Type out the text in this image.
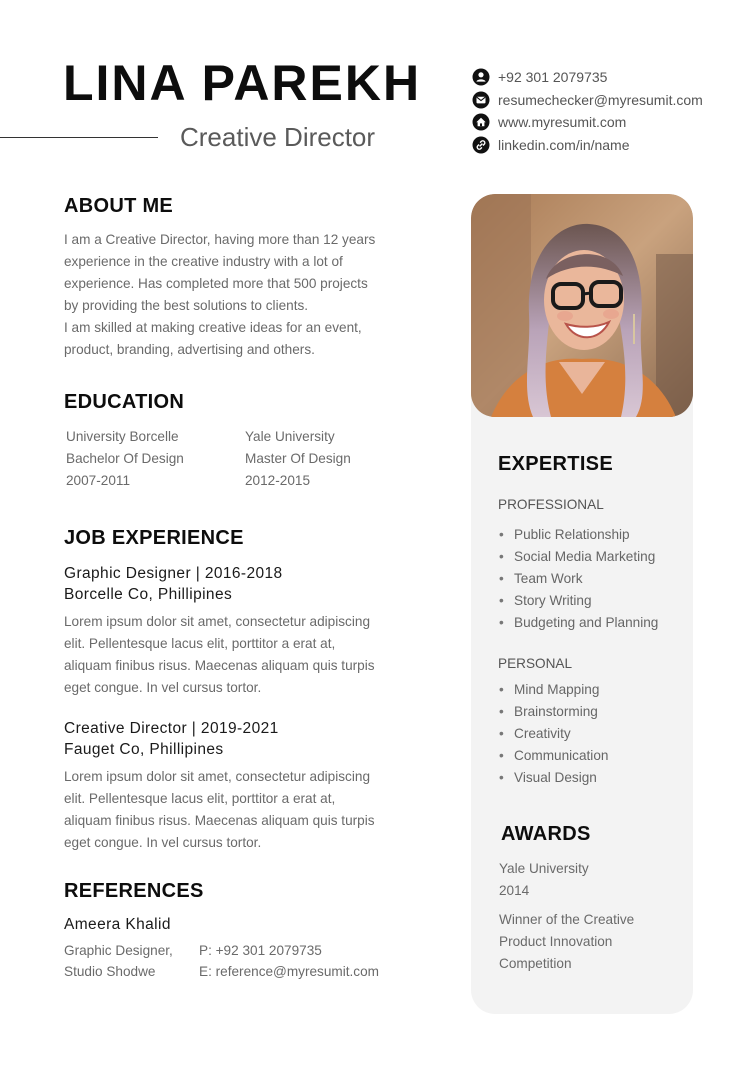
LINA PAREKH
Creative Director
+92 301 2079735
resumechecker@myresumit.com
www.myresumit.com
linkedin.com/in/name
ABOUT ME
I am a Creative Director, having more than 12 years
experience in the creative industry with a lot of
experience. Has completed more that 500 projects
by providing the best solutions to clients.
I am skilled at making creative ideas for an event,
product, branding, advertising and others.
EDUCATION
University Borcelle
Bachelor Of Design
2007-2011
Yale University
Master Of Design
2012-2015
JOB EXPERIENCE
Graphic Designer | 2016-2018
Borcelle Co, Phillipines
Lorem ipsum dolor sit amet, consectetur adipiscing
elit. Pellentesque lacus elit, porttitor a erat at,
aliquam finibus risus. Maecenas aliquam quis turpis
eget congue. In vel cursus tortor.
Creative Director | 2019-2021
Fauget Co, Phillipines
Lorem ipsum dolor sit amet, consectetur adipiscing
elit. Pellentesque lacus elit, porttitor a erat at,
aliquam finibus risus. Maecenas aliquam quis turpis
eget congue. In vel cursus tortor.
REFERENCES
Ameera Khalid
Graphic Designer,
Studio Shodwe
P: +92 301 2079735
E: reference@myresumit.com
EXPERTISE
PROFESSIONAL
• Public Relationship
• Social Media Marketing
• Team Work
• Story Writing
• Budgeting and Planning
PERSONAL
• Mind Mapping
• Brainstorming
• Creativity
• Communication
• Visual Design
AWARDS
Yale University
2014
Winner of the Creative
Product Innovation
Competition
